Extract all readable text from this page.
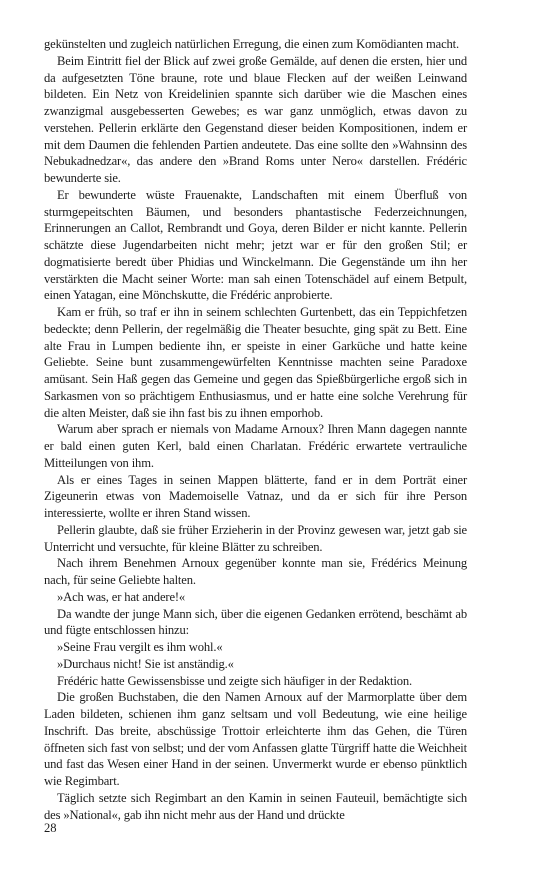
gekünstelten und zugleich natürlichen Erregung, die einen zum Komödianten macht.

Beim Eintritt fiel der Blick auf zwei große Gemälde, auf denen die ersten, hier und da aufgesetzten Töne braune, rote und blaue Flecken auf der weißen Leinwand bildeten. Ein Netz von Kreidelinien spannte sich darüber wie die Maschen eines zwanzigmal ausgebesserten Gewebes; es war ganz unmöglich, etwas davon zu verstehen. Pellerin erklärte den Gegenstand dieser beiden Kompositionen, indem er mit dem Daumen die fehlenden Partien andeutete. Das eine sollte den »Wahnsinn des Nebukadnedzar«, das andere den »Brand Roms unter Nero« darstellen. Frédéric bewunderte sie.

Er bewunderte wüste Frauenakte, Landschaften mit einem Überfluß von sturmgepeitschten Bäumen, und besonders phantastische Federzeichnungen, Erinnerungen an Callot, Rembrandt und Goya, deren Bilder er nicht kannte. Pellerin schätzte diese Jugendarbeiten nicht mehr; jetzt war er für den großen Stil; er dogmatisierte beredt über Phidias und Winckelmann. Die Gegenstände um ihn her verstärkten die Macht seiner Worte: man sah einen Totenschädel auf einem Betpult, einen Yatagan, eine Mönchskutte, die Frédéric anprobierte.

Kam er früh, so traf er ihn in seinem schlechten Gurtenbett, das ein Teppichfetzen bedeckte; denn Pellerin, der regelmäßig die Theater besuchte, ging spät zu Bett. Eine alte Frau in Lumpen bediente ihn, er speiste in einer Garküche und hatte keine Geliebte. Seine bunt zusammengewürfelten Kenntnisse machten seine Paradoxe amüsant. Sein Haß gegen das Gemeine und gegen das Spießbürgerliche ergoß sich in Sarkasmen von so prächtigem Enthusiasmus, und er hatte eine solche Verehrung für die alten Meister, daß sie ihn fast bis zu ihnen emporhob.

Warum aber sprach er niemals von Madame Arnoux? Ihren Mann dagegen nannte er bald einen guten Kerl, bald einen Charlatan. Frédéric erwartete vertrauliche Mitteilungen von ihm.

Als er eines Tages in seinen Mappen blätterte, fand er in dem Porträt einer Zigeunerin etwas von Mademoiselle Vatnaz, und da er sich für ihre Person interessierte, wollte er ihren Stand wissen.

Pellerin glaubte, daß sie früher Erzieherin in der Provinz gewesen war, jetzt gab sie Unterricht und versuchte, für kleine Blätter zu schreiben.

Nach ihrem Benehmen Arnoux gegenüber konnte man sie, Frédérics Meinung nach, für seine Geliebte halten.

»Ach was, er hat andere!«

Da wandte der junge Mann sich, über die eigenen Gedanken errötend, beschämt ab und fügte entschlossen hinzu:

»Seine Frau vergilt es ihm wohl.«

»Durchaus nicht! Sie ist anständig.«

Frédéric hatte Gewissensbisse und zeigte sich häufiger in der Redaktion.

Die großen Buchstaben, die den Namen Arnoux auf der Marmorplatte über dem Laden bildeten, schienen ihm ganz seltsam und voll Bedeutung, wie eine heilige Inschrift. Das breite, abschüssige Trottoir erleichterte ihm das Gehen, die Türen öffneten sich fast von selbst; und der vom Anfassen glatte Türgriff hatte die Weichheit und fast das Wesen einer Hand in der seinen. Unvermerkt wurde er ebenso pünktlich wie Regimbart.

Täglich setzte sich Regimbart an den Kamin in seinen Fauteuil, bemächtigte sich des »National«, gab ihn nicht mehr aus der Hand und drückte

28
